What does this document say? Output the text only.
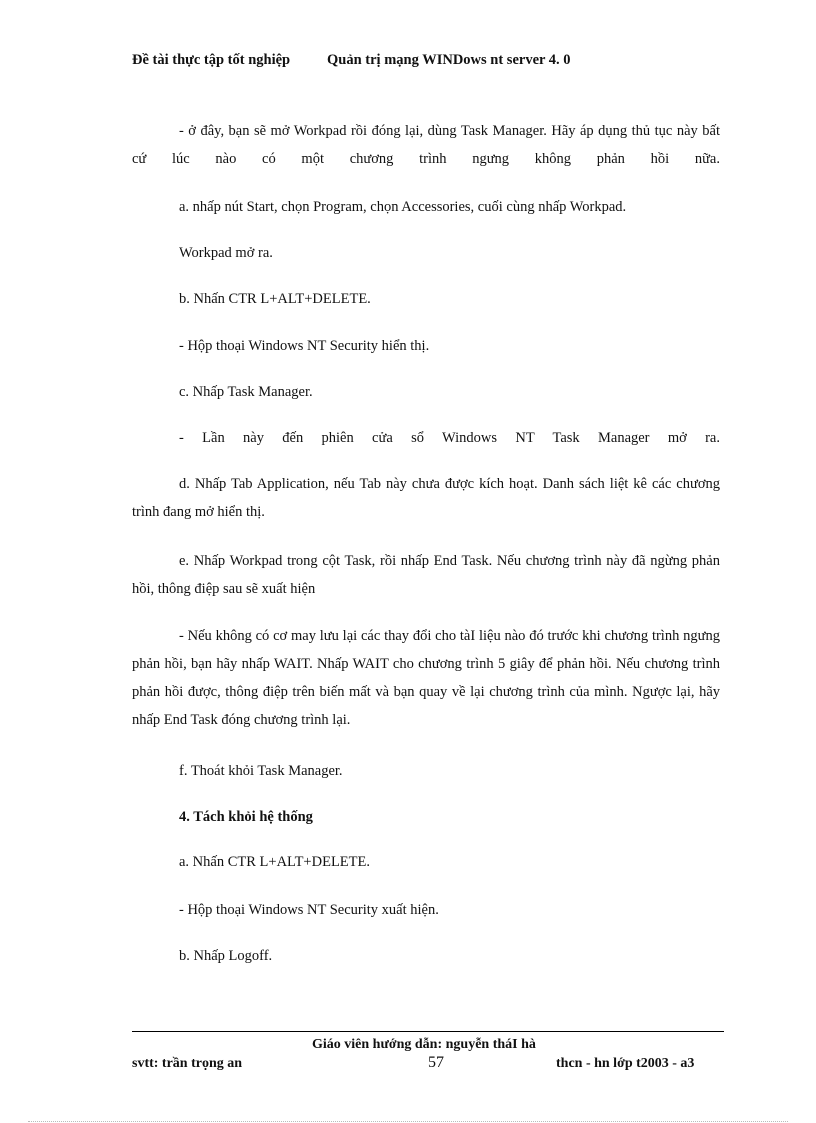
Đề tài thực tập tốt nghiệp	Quản trị mạng WINDows nt server 4. 0

- ở đây, bạn sẽ mở Workpad rồi đóng lại, dùng Task Manager. Hãy áp dụng thủ tục này bất cứ lúc nào có một chương trình ngưng không phản hồi nữa.

a. nhấp nút Start, chọn Program, chọn Accessories, cuối cùng nhấp Workpad.

Workpad mở ra.

b. Nhấn CTR L+ALT+DELETE.

- Hộp thoại Windows NT Security hiển thị.

c. Nhấp Task Manager.

- Lần này đến phiên cửa sổ Windows NT Task Manager mở ra.

d. Nhấp Tab Application, nếu Tab này chưa được kích hoạt. Danh sách liệt kê các chương trình đang mở hiển thị.

e. Nhấp Workpad trong cột Task, rồi nhấp End Task. Nếu chương trình này đã ngừng phản hồi, thông điệp sau sẽ xuất hiện

- Nếu không có cơ may lưu lại các thay đổi cho tàI liệu nào đó trước khi chương trình ngưng phản hồi, bạn hãy nhấp WAIT. Nhấp WAIT cho chương trình 5 giây để phản hồi. Nếu chương trình phản hồi được, thông điệp trên biến mất và bạn quay về lại chương trình của mình. Ngược lại, hãy nhấp End Task đóng chương trình lại.

f. Thoát khỏi Task Manager.

4. Tách khỏi hệ thống

a. Nhấn CTR L+ALT+DELETE.

- Hộp thoại Windows NT Security xuất hiện.

b. Nhấp Logoff.

Giáo viên hướng dẫn: nguyễn tháI hà
svtt: trần trọng an	57	thcn - hn lớp t2003 - a3
